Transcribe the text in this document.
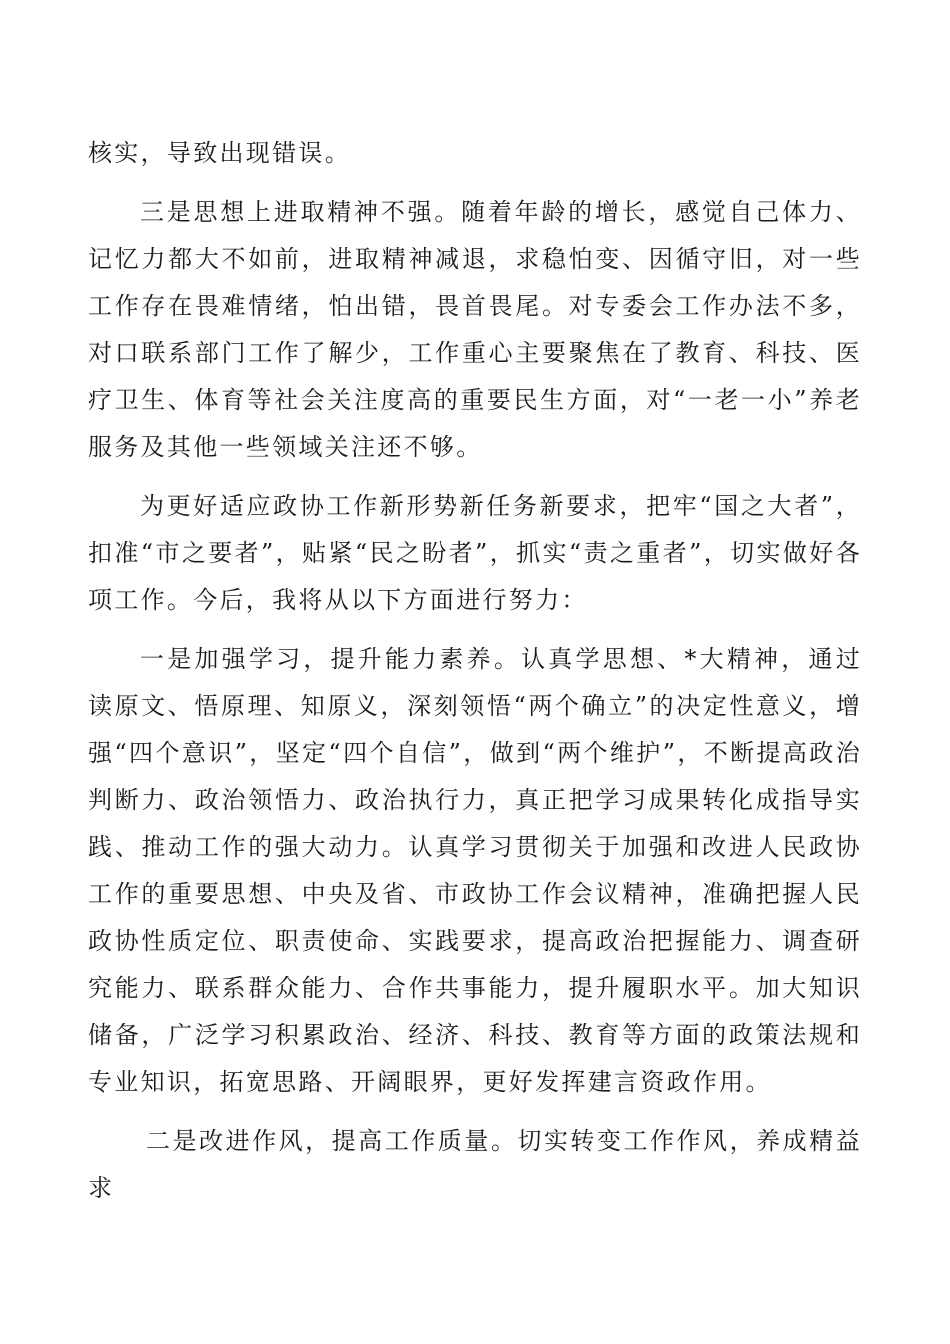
核实，导致出现错误。

三是思想上进取精神不强。随着年龄的增长，感觉自己体力、记忆力都大不如前，进取精神减退，求稳怕变、因循守旧，对一些工作存在畏难情绪，怕出错，畏首畏尾。对专委会工作办法不多，对口联系部门工作了解少，工作重心主要聚焦在了教育、科技、医疗卫生、体育等社会关注度高的重要民生方面，对“一老一小”养老服务及其他一些领域关注还不够。

为更好适应政协工作新形势新任务新要求，把牢“国之大者”，扣准“市之要者”，贴紧“民之盼者”，抓实“责之重者”，切实做好各项工作。今后，我将从以下方面进行努力：

一是加强学习，提升能力素养。认真学思想、*大精神，通过读原文、悟原理、知原义，深刻领悟“两个确立”的决定性意义，增强“四个意识”，坚定“四个自信”，做到“两个维护”，不断提高政治判断力、政治领悟力、政治执行力，真正把学习成果转化成指导实践、推动工作的强大动力。认真学习贯彻关于加强和改进人民政协工作的重要思想、中央及省、市政协工作会议精神，准确把握人民政协性质定位、职责使命、实践要求，提高政治把握能力、调查研究能力、联系群众能力、合作共事能力，提升履职水平。加大知识储备，广泛学习积累政治、经济、科技、教育等方面的政策法规和专业知识，拓宽思路、开阔眼界，更好发挥建言资政作用。

二是改进作风，提高工作质量。切实转变工作作风，养成精益求
